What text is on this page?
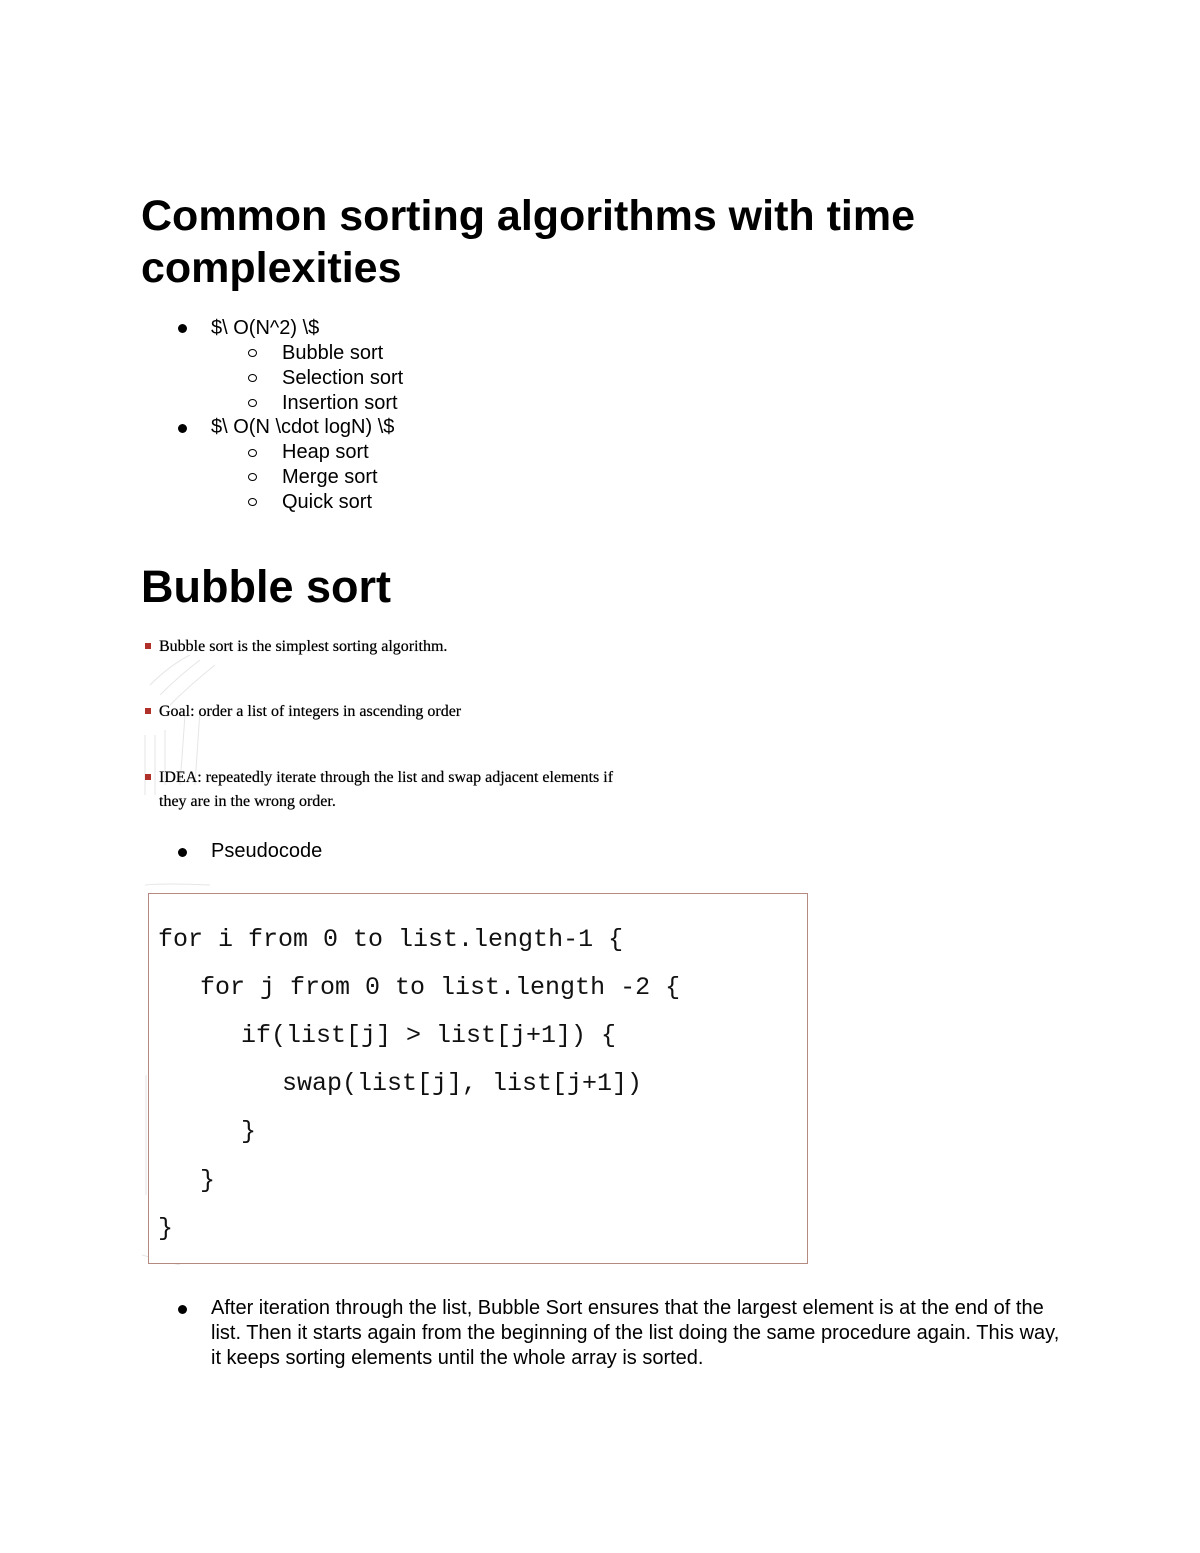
Common sorting algorithms with time complexities
$\ O(N^2) \$
Bubble sort
Selection sort
Insertion sort
$\ O(N \cdot logN) \$
Heap sort
Merge sort
Quick sort
Bubble sort
Bubble sort is the simplest sorting algorithm.
Goal: order a list of integers in ascending order
IDEA: repeatedly iterate through the list and swap adjacent elements if
they are in the wrong order.
Pseudocode
for i from 0 to list.length-1 {
for j from 0 to list.length -2 {
if(list[j] > list[j+1]) {
swap(list[j], list[j+1])
}
}
}

After iteration through the list, Bubble Sort ensures that the largest element is at the end of the list. Then it starts again from the beginning of the list doing the same procedure again. This way, it keeps sorting elements until the whole array is sorted.
